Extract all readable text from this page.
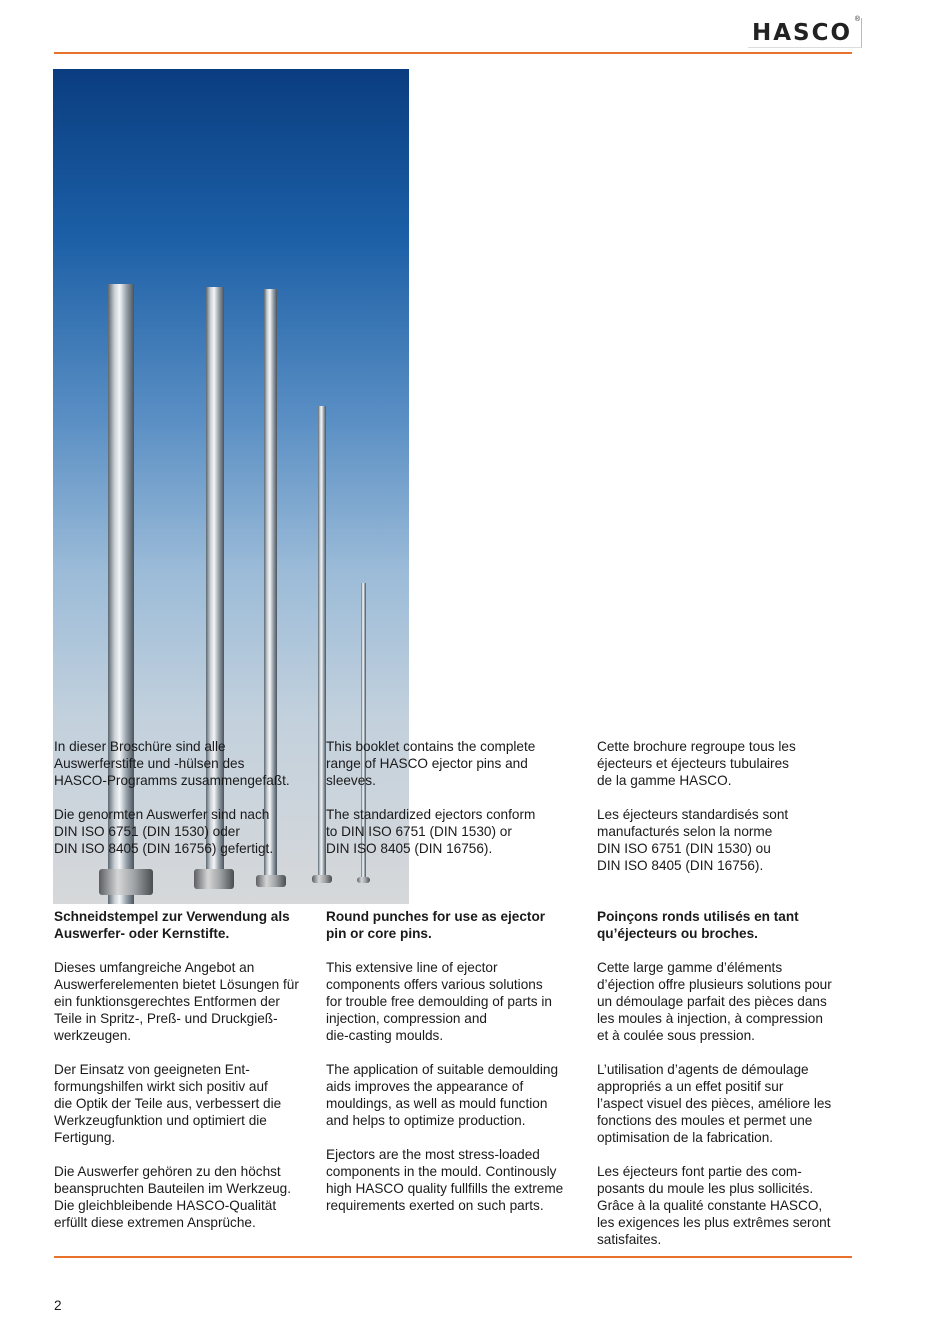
HASCO
®

In dieser Broschüre sind alle
Auswerferstifte und -hülsen des
HASCO-Programms zusammengefaßt.

Die genormten Auswerfer sind nach
DIN ISO 6751 (DIN 1530) oder
DIN ISO 8405 (DIN 16756) gefertigt.

This booklet contains the complete
range of HASCO ejector pins and
sleeves.

The standardized ejectors conform
to DIN ISO 6751 (DIN 1530) or
DIN ISO 8405 (DIN 16756).

Cette brochure regroupe tous les
éjecteurs et éjecteurs tubulaires
de la gamme HASCO.

Les éjecteurs standardisés sont
manufacturés selon la norme
DIN ISO 6751 (DIN 1530) ou
DIN ISO 8405 (DIN 16756).

Schneidstempel zur Verwendung als
Auswerfer- oder Kernstifte.

Dieses umfangreiche Angebot an
Auswerferelementen bietet Lösungen für
ein funktionsgerechtes Entformen der
Teile in Spritz-, Preß- und Druckgieß-
werkzeugen.

Der Einsatz von geeigneten Ent-
formungshilfen wirkt sich positiv auf
die Optik der Teile aus, verbessert die
Werkzeugfunktion und optimiert die
Fertigung.

Die Auswerfer gehören zu den höchst
beanspruchten Bauteilen im Werkzeug.
Die gleichbleibende HASCO-Qualität
erfüllt diese extremen Ansprüche.

Round punches for use as ejector
pin or core pins.

This extensive line of ejector
components offers various solutions
for trouble free demoulding of parts in
injection, compression and
die-casting moulds.

The application of suitable demoulding
aids improves the appearance of
mouldings, as well as mould function
and helps to optimize production.

Ejectors are the most stress-loaded
components in the mould. Continously
high HASCO quality fullfills the extreme
requirements exerted on such parts.

Poinçons ronds utilisés en tant
qu’éjecteurs ou broches.

Cette large gamme d’éléments
d’éjection offre plusieurs solutions pour
un démoulage parfait des pièces dans
les moules à injection, à compression
et à coulée sous pression.

L’utilisation d’agents de démoulage
appropriés a un effet positif sur
l’aspect visuel des pièces, améliore les
fonctions des moules et permet une
optimisation de la fabrication.

Les éjecteurs font partie des com-
posants du moule les plus sollicités.
Grâce à la qualité constante HASCO,
les exigences les plus extrêmes seront
satisfaites.

2
